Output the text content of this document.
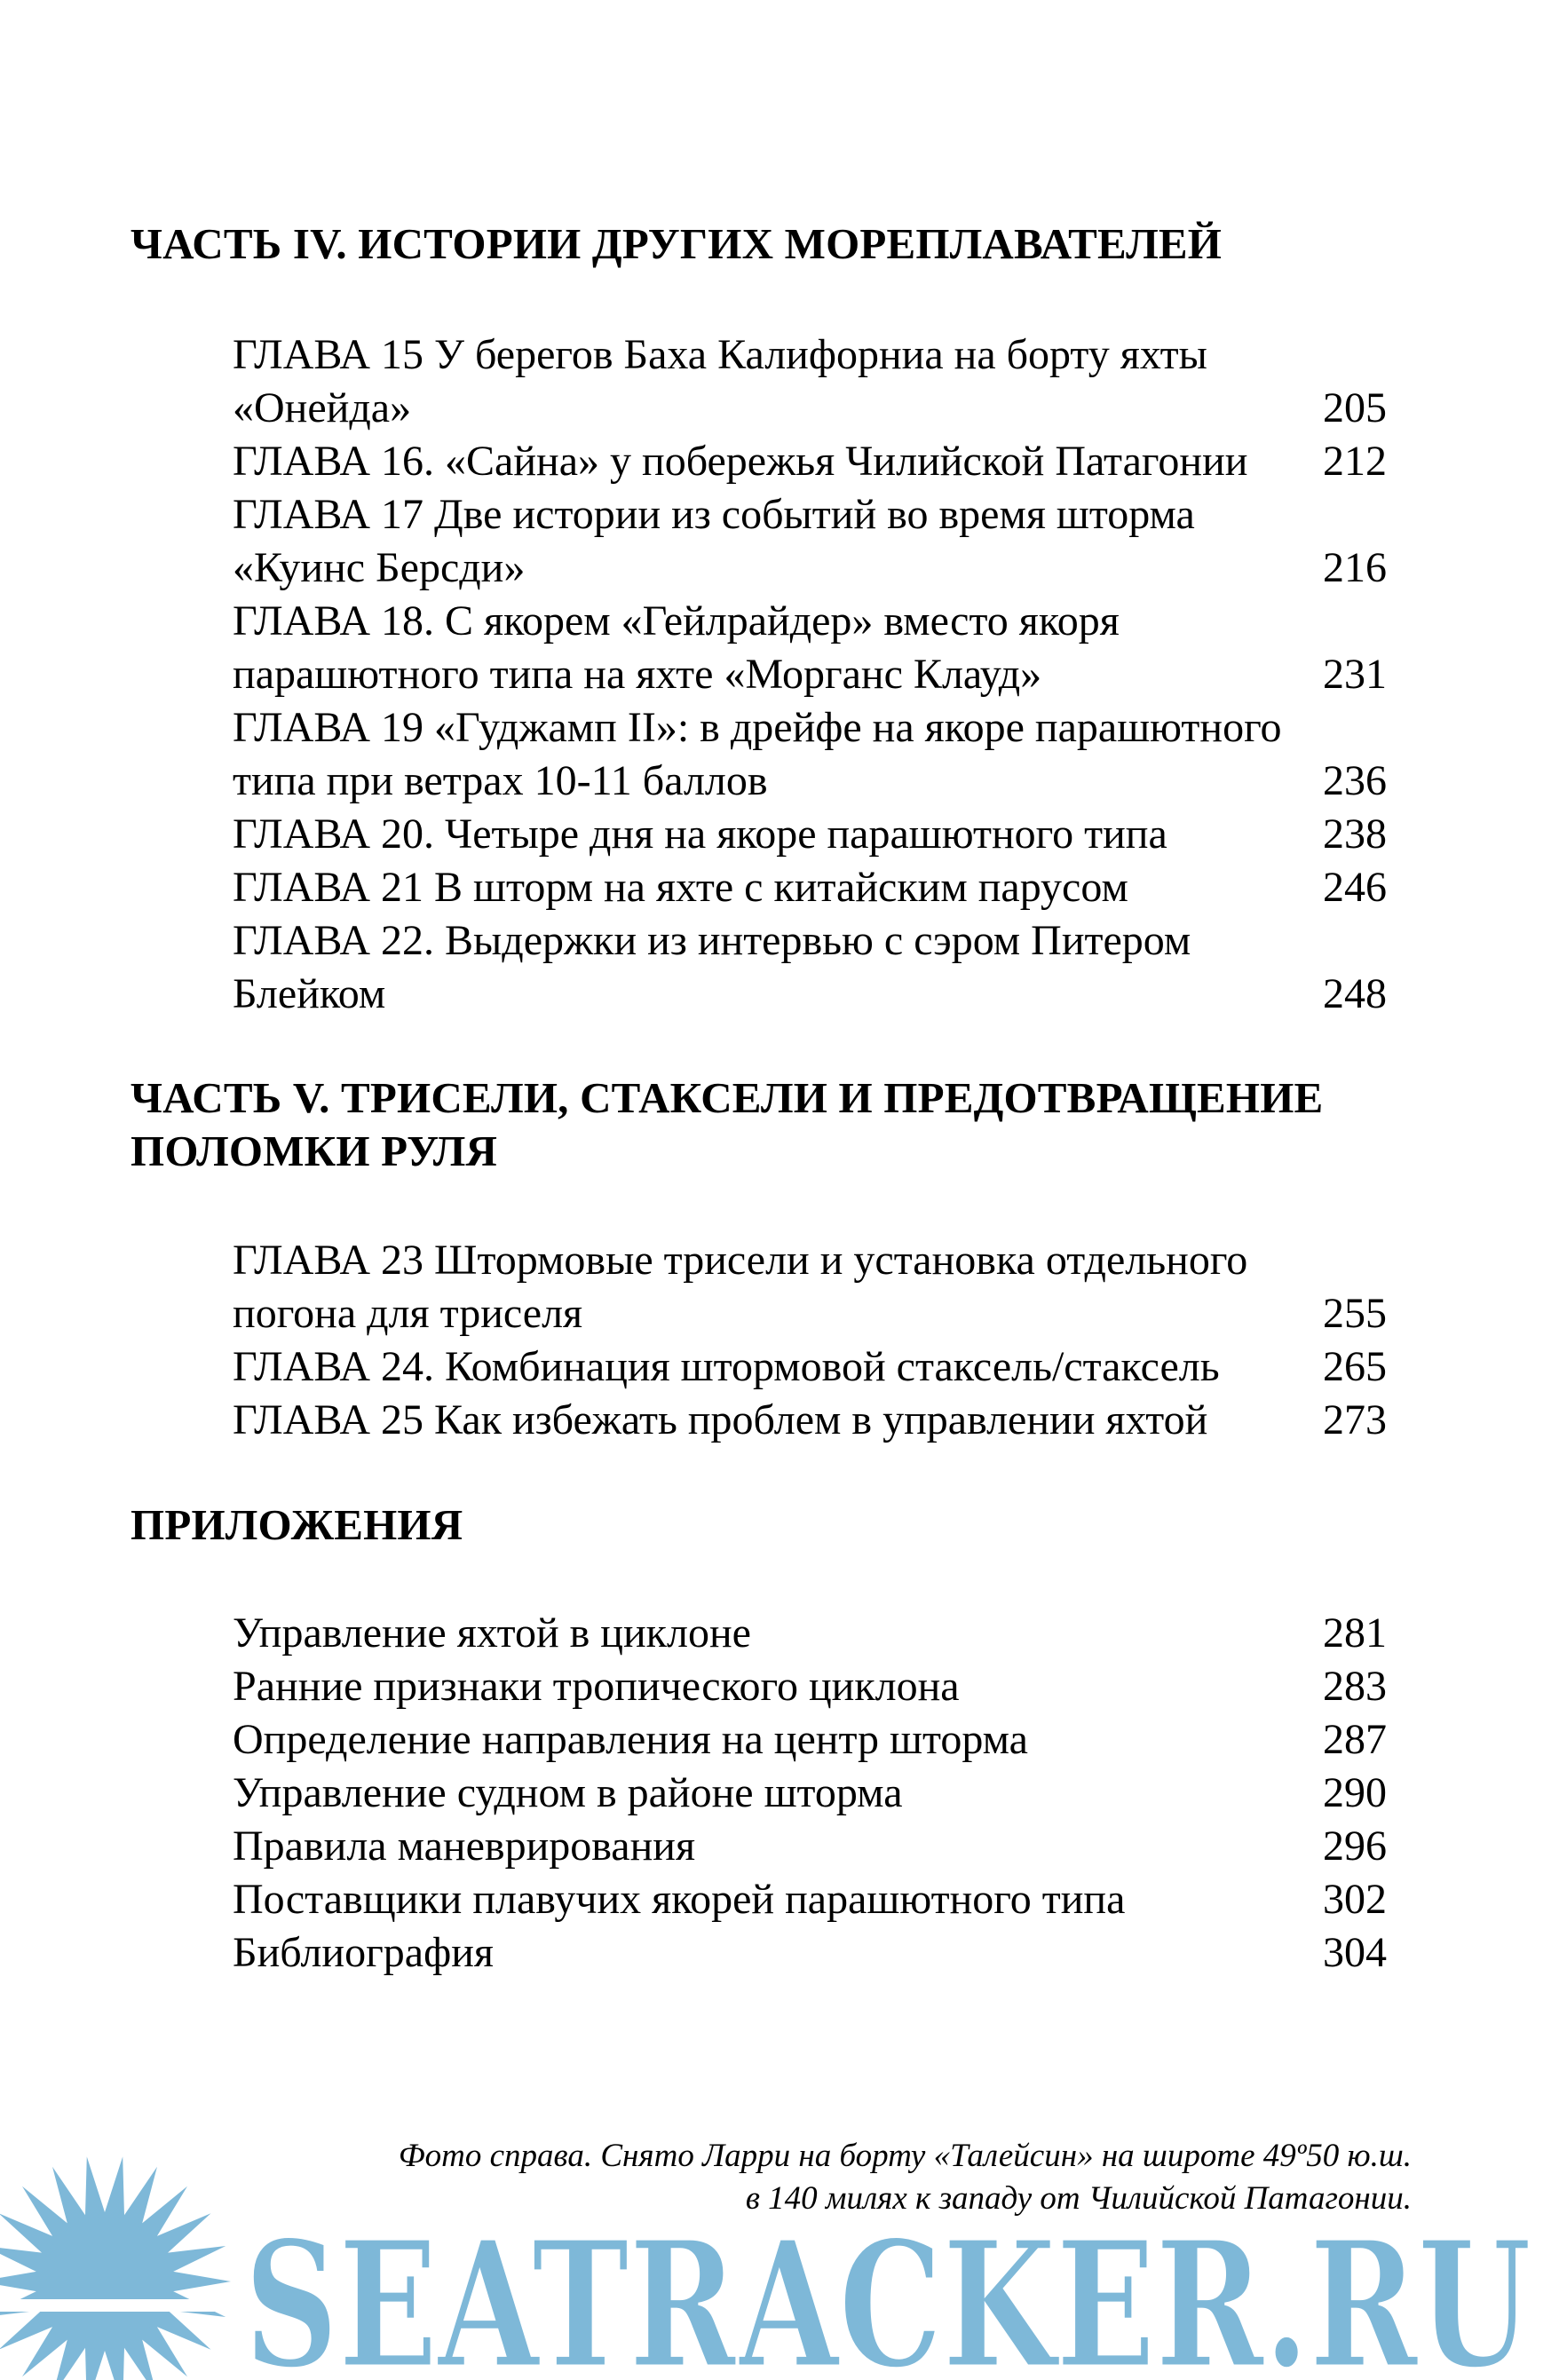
ЧАСТЬ IV. ИСТОРИИ ДРУГИХ МОРЕПЛАВАТЕЛЕЙ
ГЛАВА 15 У берегов Баха Калифорниа на борту яхты «Онейда»	205
ГЛАВА 16. «Сайна» у побережья Чилийской Патагонии	212
ГЛАВА 17 Две истории из событий во время шторма «Куинс Берсди»	216
ГЛАВА 18. С якорем «Гейлрайдер» вместо якоря парашютного типа на яхте «Морганс Клауд»	231
ГЛАВА 19 «Гуджамп II»: в дрейфе на якоре парашютного типа при ветрах 10-11 баллов	236
ГЛАВА 20. Четыре дня на якоре парашютного типа	238
ГЛАВА 21 В шторм на яхте с китайским парусом	246
ГЛАВА 22. Выдержки из интервью с сэром Питером Блейком	248
ЧАСТЬ V. ТРИСЕЛИ, СТАКСЕЛИ И ПРЕДОТВРАЩЕНИЕ
ПОЛОМКИ РУЛЯ
ГЛАВА 23 Штормовые трисели и установка отдельного погона для триселя	255
ГЛАВА 24. Комбинация штормовой стаксель/стаксель	265
ГЛАВА 25 Как избежать проблем в управлении яхтой	273
ПРИЛОЖЕНИЯ
Управление яхтой в циклоне	281
Ранние признаки тропического циклона	283
Определение направления на центр шторма	287
Управление судном в районе шторма	290
Правила маневрирования	296
Поставщики плавучих якорей парашютного типа	302
Библиография	304
Фото справа. Снято Ларри на борту «Талейсин» на широте 49º50 ю.ш.
в 140 милях к западу от Чилийской Патагонии.
SEATRACKER.RU
